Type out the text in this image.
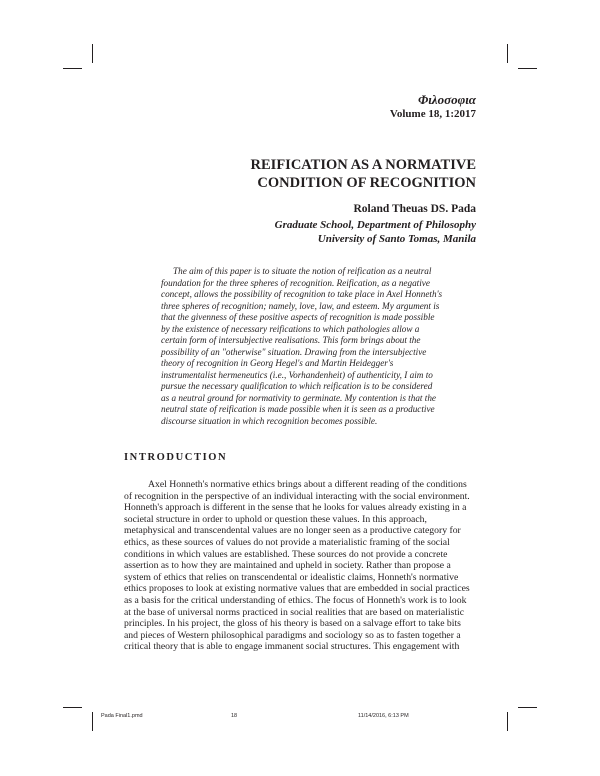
Φιλοσοφια
Volume 18, 1:2017
REIFICATION AS A NORMATIVE
CONDITION OF RECOGNITION
Roland Theuas DS. Pada
Graduate School, Department of Philosophy
University of Santo Tomas, Manila

The aim of this paper is to situate the notion of reification as a neutral
foundation for the three spheres of recognition. Reification, as a negative
concept, allows the possibility of recognition to take place in Axel Honneth's
three spheres of recognition; namely, love, law, and esteem. My argument is
that the givenness of these positive aspects of recognition is made possible
by the existence of necessary reifications to which pathologies allow a
certain form of intersubjective realisations. This form brings about the
possibility of an "otherwise" situation. Drawing from the intersubjective
theory of recognition in Georg Hegel's and Martin Heidegger's
instrumentalist hermeneutics (i.e., Vorhandenheit) of authenticity, I aim to
pursue the necessary qualification to which reification is to be considered
as a neutral ground for normativity to germinate. My contention is that the
neutral state of reification is made possible when it is seen as a productive
discourse situation in which recognition becomes possible.

INTRODUCTION

Axel Honneth's normative ethics brings about a different reading of the conditions
of recognition in the perspective of an individual interacting with the social environment.
Honneth's approach is different in the sense that he looks for values already existing in a
societal structure in order to uphold or question these values. In this approach,
metaphysical and transcendental values are no longer seen as a productive category for
ethics, as these sources of values do not provide a materialistic framing of the social
conditions in which values are established. These sources do not provide a concrete
assertion as to how they are maintained and upheld in society. Rather than propose a
system of ethics that relies on transcendental or idealistic claims, Honneth's normative
ethics proposes to look at existing normative values that are embedded in social practices
as a basis for the critical understanding of ethics. The focus of Honneth's work is to look
at the base of universal norms practiced in social realities that are based on materialistic
principles. In his project, the gloss of his theory is based on a salvage effort to take bits
and pieces of Western philosophical paradigms and sociology so as to fasten together a
critical theory that is able to engage immanent social structures. This engagement with

Pada Final1.pmd	18	11/14/2016, 6:13 PM
